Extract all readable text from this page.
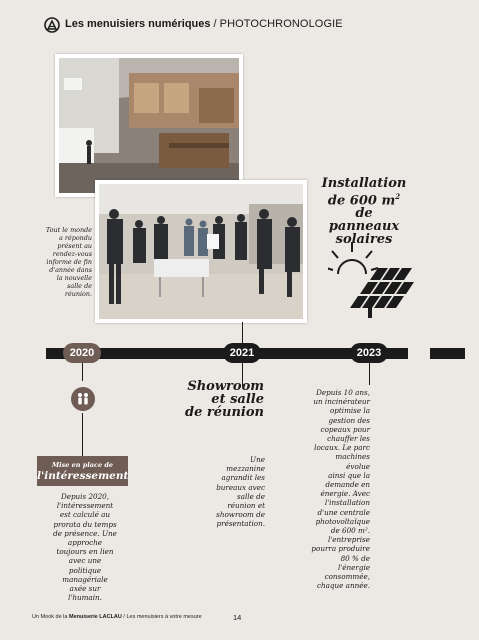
Les menuisiers numériques / PHOTOCHRONOLOGIE
Tout le monde
a répondu
présent au
rendez-vous
informe de fin
d'année dans
la nouvelle
salle de
réunion.
Installation
de 600 $m^2$
de panneaux
solaires
2020	2021	2023
Mise en place de
l'intéressement
Depuis 2020,
l'intéressement
est calculé au
prorata du temps
de présence. Une
approche
toujours en lien
avec une
politique
managériale
axée sur
l'humain.
Showroom
et salle
de réunion
Une
mezzanine
agrandit les
bureaux avec
salle de
réunion et
showroom de
présentation.
Depuis 10 ans,
un incinérateur
optimise la
gestion des
copeaux pour
chauffer les
locaux. Le parc
machines évolue
ainsi que la
demande en
énergie. Avec
l'installation
d'une centrale
photovoltaïque
de 600 m².
l'entreprise
pourra produire
80 % de l'énergie
consommée,
chaque année.
Un Mook de la Menuiserie LACLAU / Les menuisiers à votre mesure	14
